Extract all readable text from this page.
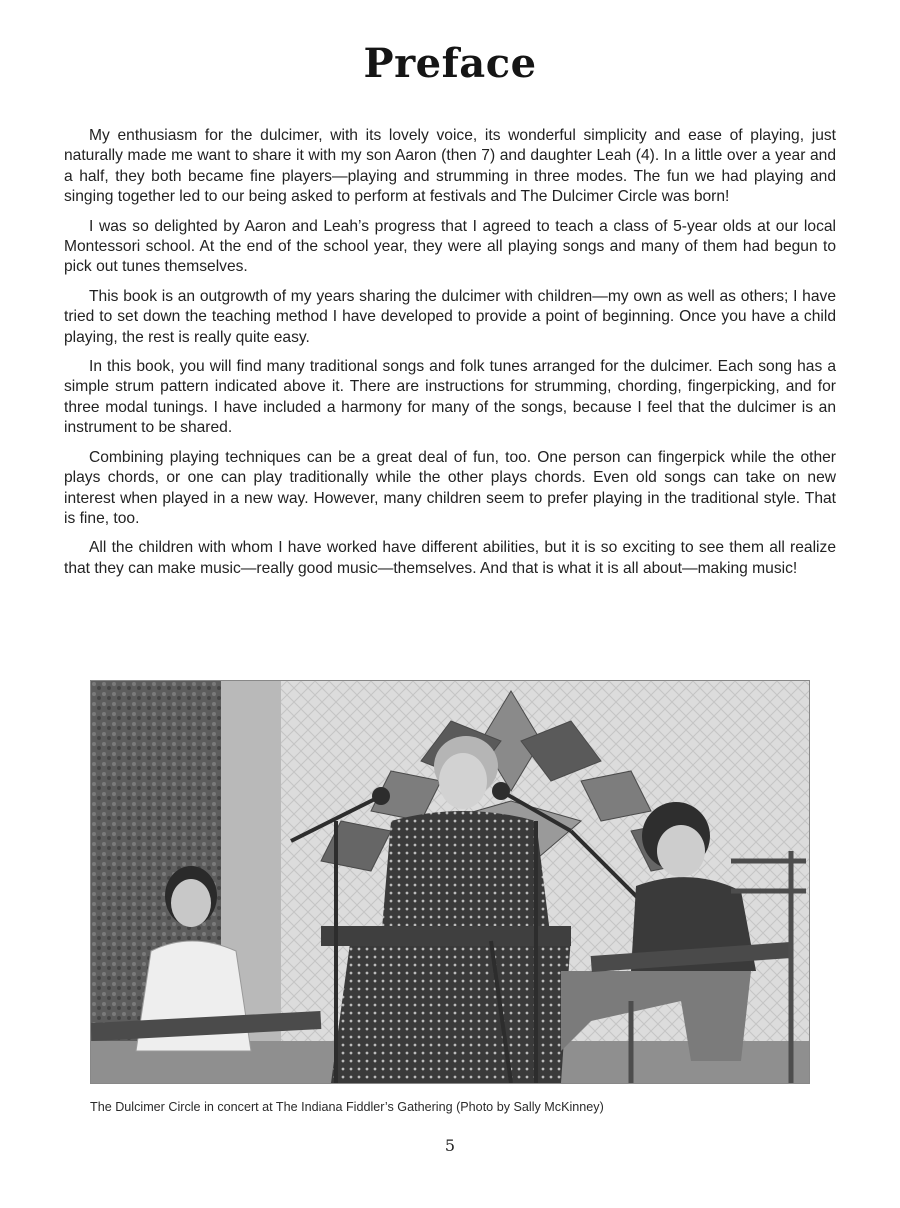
Preface

My enthusiasm for the dulcimer, with its lovely voice, its wonderful simplicity and ease of playing, just naturally made me want to share it with my son Aaron (then 7) and daughter Leah (4). In a little over a year and a half, they both became fine players—playing and strumming in three modes. The fun we had playing and singing together led to our being asked to perform at festivals and The Dulcimer Circle was born!

I was so delighted by Aaron and Leah’s progress that I agreed to teach a class of 5-year olds at our local Montessori school. At the end of the school year, they were all playing songs and many of them had begun to pick out tunes themselves.

This book is an outgrowth of my years sharing the dulcimer with children—my own as well as others; I have tried to set down the teaching method I have developed to provide a point of beginning. Once you have a child playing, the rest is really quite easy.

In this book, you will find many traditional songs and folk tunes arranged for the dulcimer. Each song has a simple strum pattern indicated above it. There are instructions for strumming, chording, fingerpicking, and for three modal tunings. I have included a harmony for many of the songs, because I feel that the dulcimer is an instrument to be shared.

Combining playing techniques can be a great deal of fun, too. One person can fingerpick while the other plays chords, or one can play traditionally while the other plays chords. Even old songs can take on new interest when played in a new way. However, many children seem to prefer playing in the traditional style. That is fine, too.

All the children with whom I have worked have different abilities, but it is so exciting to see them all realize that they can make music—really good music—themselves. And that is what it is all about—making music!

The Dulcimer Circle in concert at The Indiana Fiddler’s Gathering (Photo by Sally McKinney)
5
